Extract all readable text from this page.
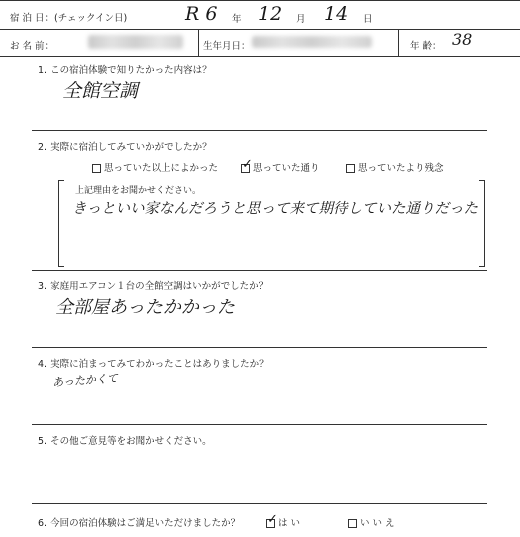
宿 泊 日：(チェックイン日)	R 6 年 12 月 14 日
お 名 前：	生年月日：	年 齢： 38
1. この宿泊体験で知りたかった内容は？
全館空調
2. 実際に宿泊してみていかがでしたか？
思っていた以上によかった ✓ 思っていた通り	思っていたより残念
上記理由をお聞かせください。
きっといい家なんだろうと思って来て期待していた通りだった
3. 家庭用エアコン１台の全館空調はいかがでしたか？
全部屋あったかかった
4. 実際に泊まってみてわかったことはありましたか？
あったかくて
5. その他ご意見等をお聞かせください。
6. 今回の宿泊体験はご満足いただけましたか？ ✓ は い	い い え
